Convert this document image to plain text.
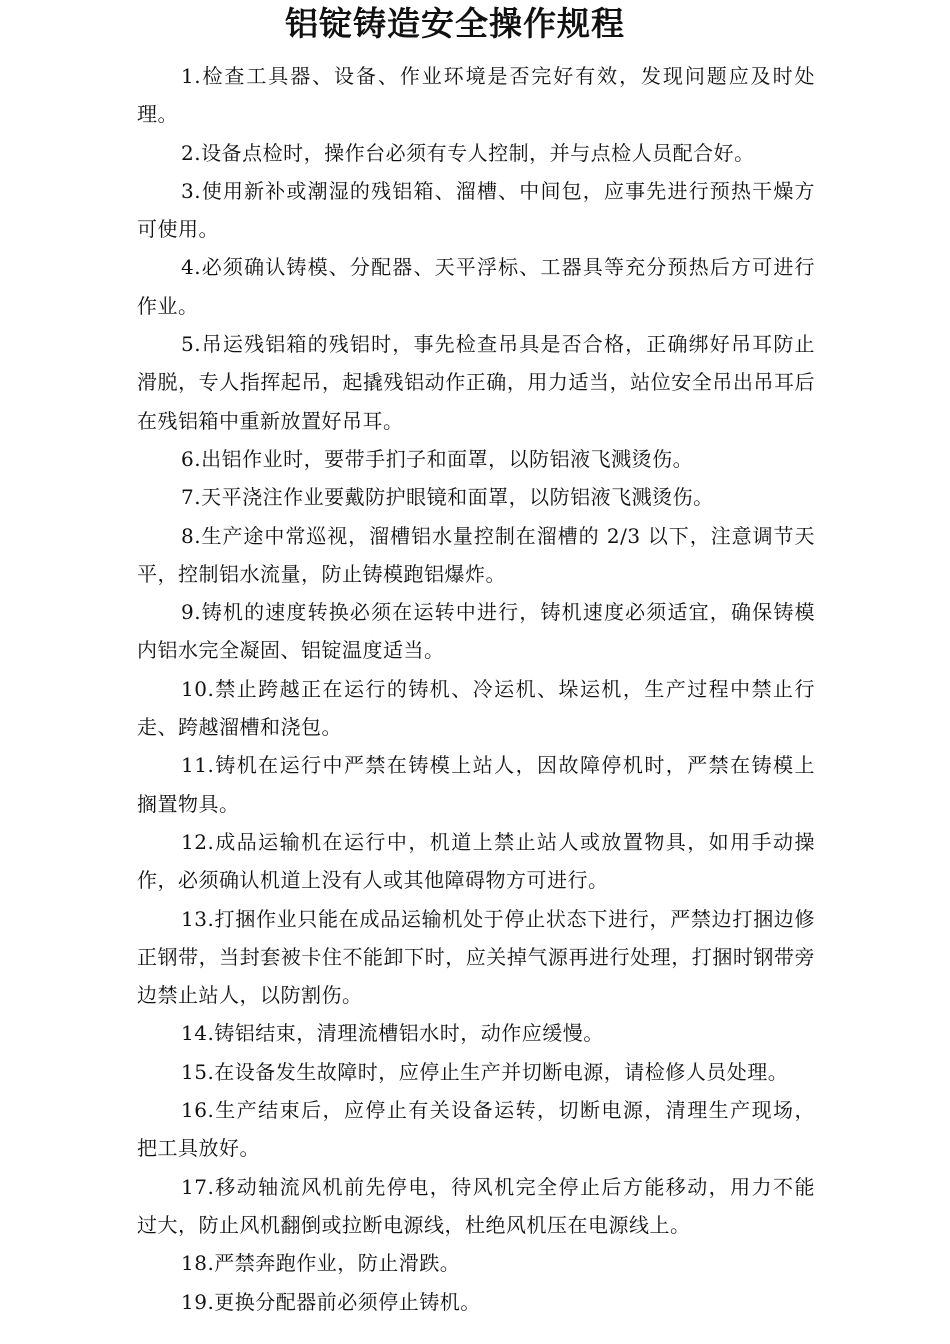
铝锭铸造安全操作规程
1.检查工具器、设备、作业环境是否完好有效，发现问题应及时处理。
2.设备点检时，操作台必须有专人控制，并与点检人员配合好。
3.使用新补或潮湿的残铝箱、溜槽、中间包，应事先进行预热干燥方可使用。
4.必须确认铸模、分配器、天平浮标、工器具等充分预热后方可进行作业。
5.吊运残铝箱的残铝时，事先检查吊具是否合格，正确绑好吊耳防止滑脱，专人指挥起吊，起撬残铝动作正确，用力适当，站位安全吊出吊耳后在残铝箱中重新放置好吊耳。
6.出铝作业时，要带手扪子和面罩，以防铝液飞溅烫伤。
7.天平浇注作业要戴防护眼镜和面罩，以防铝液飞溅烫伤。
8.生产途中常巡视，溜槽铝水量控制在溜槽的 2/3 以下，注意调节天 平，控制铝水流量，防止铸模跑铝爆炸。
9.铸机的速度转换必须在运转中进行，铸机速度必须适宜，确保铸模 内铝水完全凝固、铝锭温度适当。
10.禁止跨越正在运行的铸机、冷运机、垛运机，生产过程中禁止行走、跨越溜槽和浇包。
11.铸机在运行中严禁在铸模上站人，因故障停机时，严禁在铸模上 搁置物具。
12.成品运输机在运行中，机道上禁止站人或放置物具，如用手动操作，必须确认机道上没有人或其他障碍物方可进行。
13.打捆作业只能在成品运输机处于停止状态下进行，严禁边打捆边修正钢带，当封套被卡住不能卸下时，应关掉气源再进行处理，打捆时钢带旁边禁止站人，以防割伤。
14.铸铝结束，清理流槽铝水时，动作应缓慢。
15.在设备发生故障时，应停止生产并切断电源，请检修人员处理。
16.生产结束后，应停止有关设备运转，切断电源，清理生产现场， 把工具放好。
17.移动轴流风机前先停电，待风机完全停止后方能移动，用力不能 过大，防止风机翻倒或拉断电源线，杜绝风机压在电源线上。
18.严禁奔跑作业，防止滑跌。
19.更换分配器前必须停止铸机。
